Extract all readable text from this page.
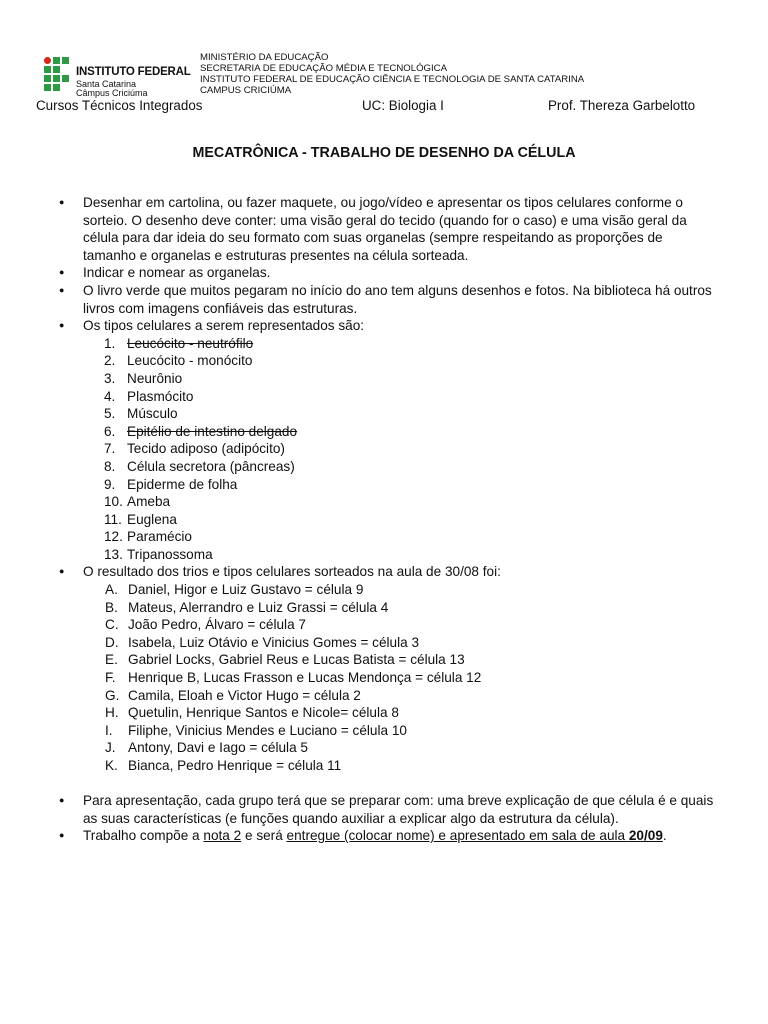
INSTITUTO FEDERAL
Santa Catarina
Câmpus Criciúma
MINISTÉRIO DA EDUCAÇÃO
SECRETARIA DE EDUCAÇÃO MÉDIA E TECNOLÓGICA
INSTITUTO FEDERAL DE EDUCAÇÃO CIÊNCIA E TECNOLOGIA DE SANTA CATARINA
CAMPUS CRICIÚMA
Cursos Técnicos Integrados	UC: Biologia I	Prof. Thereza Garbelotto
MECATRÔNICA - TRABALHO DE DESENHO DA CÉLULA
● Desenhar em cartolina, ou fazer maquete, ou jogo/vídeo e apresentar os tipos celulares conforme o sorteio. O desenho deve conter: uma visão geral do tecido (quando for o caso) e uma visão geral da célula para dar ideia do seu formato com suas organelas (sempre respeitando as proporções de tamanho e organelas e estruturas presentes na célula sorteada.
● Indicar e nomear as organelas.
● O livro verde que muitos pegaram no início do ano tem alguns desenhos e fotos. Na biblioteca há outros livros com imagens confiáveis das estruturas.
● Os tipos celulares a serem representados são:
1. Leucócito - neutrófilo
2. Leucócito - monócito
3. Neurônio
4. Plasmócito
5. Músculo
6. Epitélio de intestino delgado
7. Tecido adiposo (adipócito)
8. Célula secretora (pâncreas)
9. Epiderme de folha
10. Ameba
11. Euglena
12. Paramécio
13. Tripanossoma
● O resultado dos trios e tipos celulares sorteados na aula de 30/08 foi:
A. Daniel, Higor e Luiz Gustavo = célula 9
B. Mateus, Alerrandro e Luiz Grassi = célula 4
C. João Pedro, Álvaro = célula 7
D. Isabela, Luiz Otávio e Vinicius Gomes = célula 3
E. Gabriel Locks, Gabriel Reus e Lucas Batista = célula 13
F. Henrique B, Lucas Frasson e Lucas Mendonça = célula 12
G. Camila, Eloah e Victor Hugo = célula 2
H. Quetulin, Henrique Santos e Nicole= célula 8
I. Filiphe, Vinicius Mendes e Luciano = célula 10
J. Antony, Davi e Iago = célula 5
K. Bianca, Pedro Henrique = célula 11
● Para apresentação, cada grupo terá que se preparar com: uma breve explicação de que célula é e quais as suas características (e funções quando auxiliar a explicar algo da estrutura da célula).
● Trabalho compõe a nota 2 e será entregue (colocar nome) e apresentado em sala de aula 20/09.
